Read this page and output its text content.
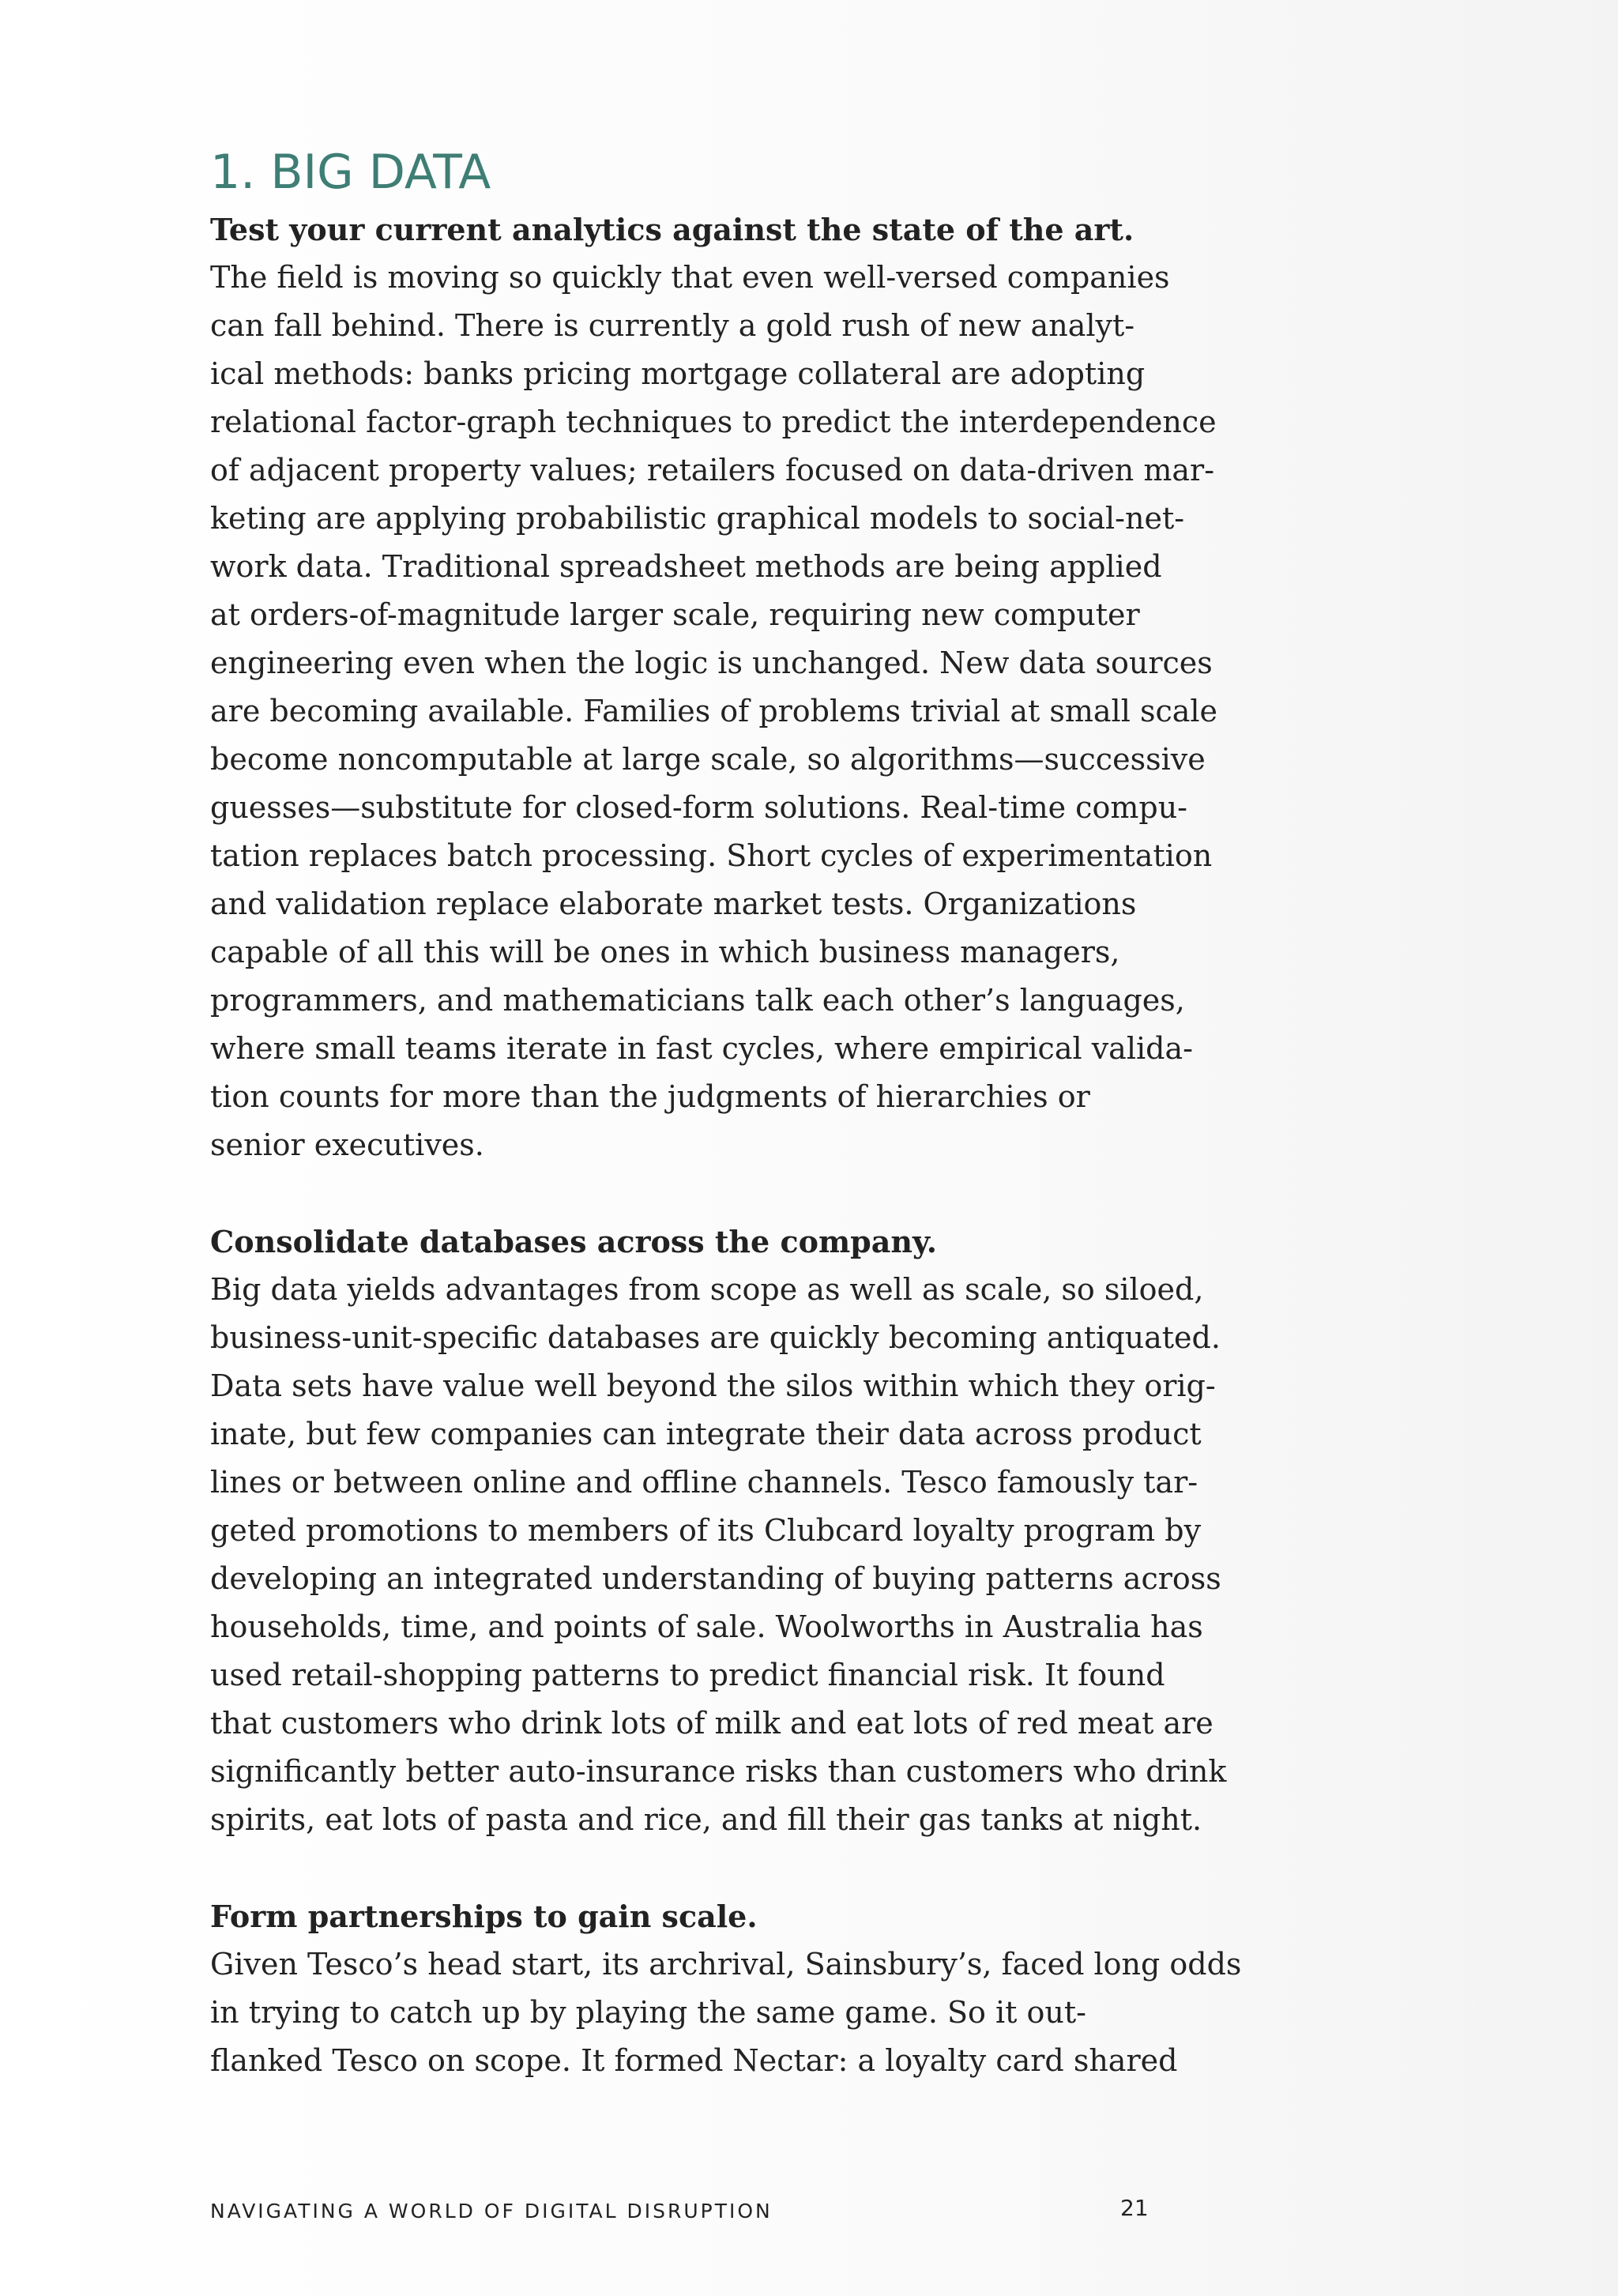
1. BIG DATA

Test your current analytics against the state of the art.

The field is moving so quickly that even well-versed companies
can fall behind. There is currently a gold rush of new analyt-
ical methods: banks pricing mortgage collateral are adopting
relational factor-graph techniques to predict the interdependence
of adjacent property values; retailers focused on data-driven mar-
keting are applying probabilistic graphical models to social-net-
work data. Traditional spreadsheet methods are being applied
at orders-of-magnitude larger scale, requiring new computer
engineering even when the logic is unchanged. New data sources
are becoming available. Families of problems trivial at small scale
become noncomputable at large scale, so algorithms—successive
guesses—substitute for closed-form solutions. Real-time compu-
tation replaces batch processing. Short cycles of experimentation
and validation replace elaborate market tests. Organizations
capable of all this will be ones in which business managers,
programmers, and mathematicians talk each other’s languages,
where small teams iterate in fast cycles, where empirical valida-
tion counts for more than the judgments of hierarchies or
senior executives.

Consolidate databases across the company.

Big data yields advantages from scope as well as scale, so siloed,
business-unit-specific databases are quickly becoming antiquated.
Data sets have value well beyond the silos within which they orig-
inate, but few companies can integrate their data across product
lines or between online and offline channels. Tesco famously tar-
geted promotions to members of its Clubcard loyalty program by
developing an integrated understanding of buying patterns across
households, time, and points of sale. Woolworths in Australia has
used retail-shopping patterns to predict financial risk. It found
that customers who drink lots of milk and eat lots of red meat are
significantly better auto-insurance risks than customers who drink
spirits, eat lots of pasta and rice, and fill their gas tanks at night.

Form partnerships to gain scale.

Given Tesco’s head start, its archrival, Sainsbury’s, faced long odds
in trying to catch up by playing the same game. So it out-
flanked Tesco on scope. It formed Nectar: a loyalty card shared

NAVIGATING A WORLD OF DIGITAL DISRUPTION	21
